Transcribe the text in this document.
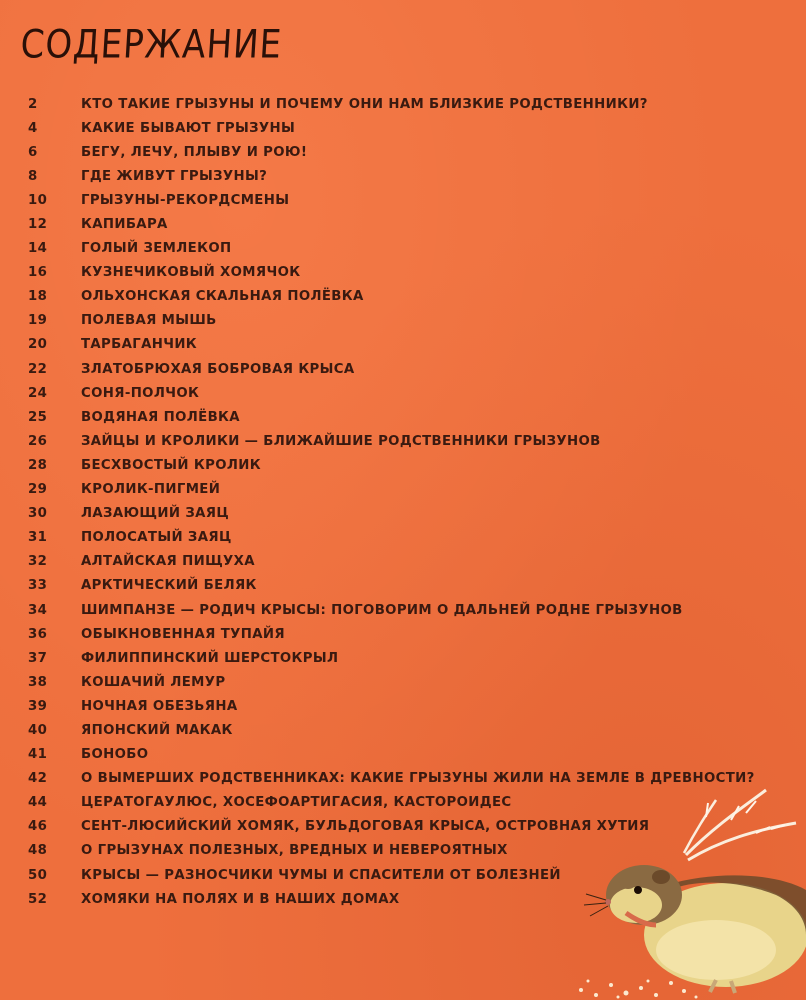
СОДЕРЖАНИЕ
2	КТО ТАКИЕ ГРЫЗУНЫ И ПОЧЕМУ ОНИ НАМ БЛИЗКИЕ РОДСТВЕННИКИ?
4	КАКИЕ БЫВАЮТ ГРЫЗУНЫ
6	БЕГУ, ЛЕЧУ, ПЛЫВУ И РОЮ!
8	ГДЕ ЖИВУТ ГРЫЗУНЫ?
10	ГРЫЗУНЫ-РЕКОРДСМЕНЫ
12	КАПИБАРА
14	ГОЛЫЙ ЗЕМЛЕКОП
16	КУЗНЕЧИКОВЫЙ ХОМЯЧОК
18	ОЛЬХОНСКАЯ СКАЛЬНАЯ ПОЛЁВКА
19	ПОЛЕВАЯ МЫШЬ
20	ТАРБАГАНЧИК
22	ЗЛАТОБРЮХАЯ БОБРОВАЯ КРЫСА
24	СОНЯ-ПОЛЧОК
25	ВОДЯНАЯ ПОЛЁВКА
26	ЗАЙЦЫ И КРОЛИКИ — БЛИЖАЙШИЕ РОДСТВЕННИКИ ГРЫЗУНОВ
28	БЕСХВОСТЫЙ КРОЛИК
29	КРОЛИК-ПИГМЕЙ
30	ЛАЗАЮЩИЙ ЗАЯЦ
31	ПОЛОСАТЫЙ ЗАЯЦ
32	АЛТАЙСКАЯ ПИЩУХА
33	АРКТИЧЕСКИЙ БЕЛЯК
34	ШИМПАНЗЕ — РОДИЧ КРЫСЫ: ПОГОВОРИМ О ДАЛЬНЕЙ РОДНЕ ГРЫЗУНОВ
36	ОБЫКНОВЕННАЯ ТУПАЙЯ
37	ФИЛИППИНСКИЙ ШЕРСТОКРЫЛ
38	КОШАЧИЙ ЛЕМУР
39	НОЧНАЯ ОБЕЗЬЯНА
40	ЯПОНСКИЙ МАКАК
41	БОНОБО
42	О ВЫМЕРШИХ РОДСТВЕННИКАХ: КАКИЕ ГРЫЗУНЫ ЖИЛИ НА ЗЕМЛЕ В ДРЕВНОСТИ?
44	ЦЕРАТОГАУЛЮС, ХОСЕФОАРТИГАСИЯ, КАСТОРОИДЕС
46	СЕНТ-ЛЮСИЙСКИЙ ХОМЯК, БУЛЬДОГОВАЯ КРЫСА, ОСТРОВНАЯ ХУТИЯ
48	О ГРЫЗУНАХ ПОЛЕЗНЫХ, ВРЕДНЫХ И НЕВЕРОЯТНЫХ
50	КРЫСЫ — РАЗНОСЧИКИ ЧУМЫ И СПАСИТЕЛИ ОТ БОЛЕЗНЕЙ
52	ХОМЯКИ НА ПОЛЯХ И В НАШИХ ДОМАХ
